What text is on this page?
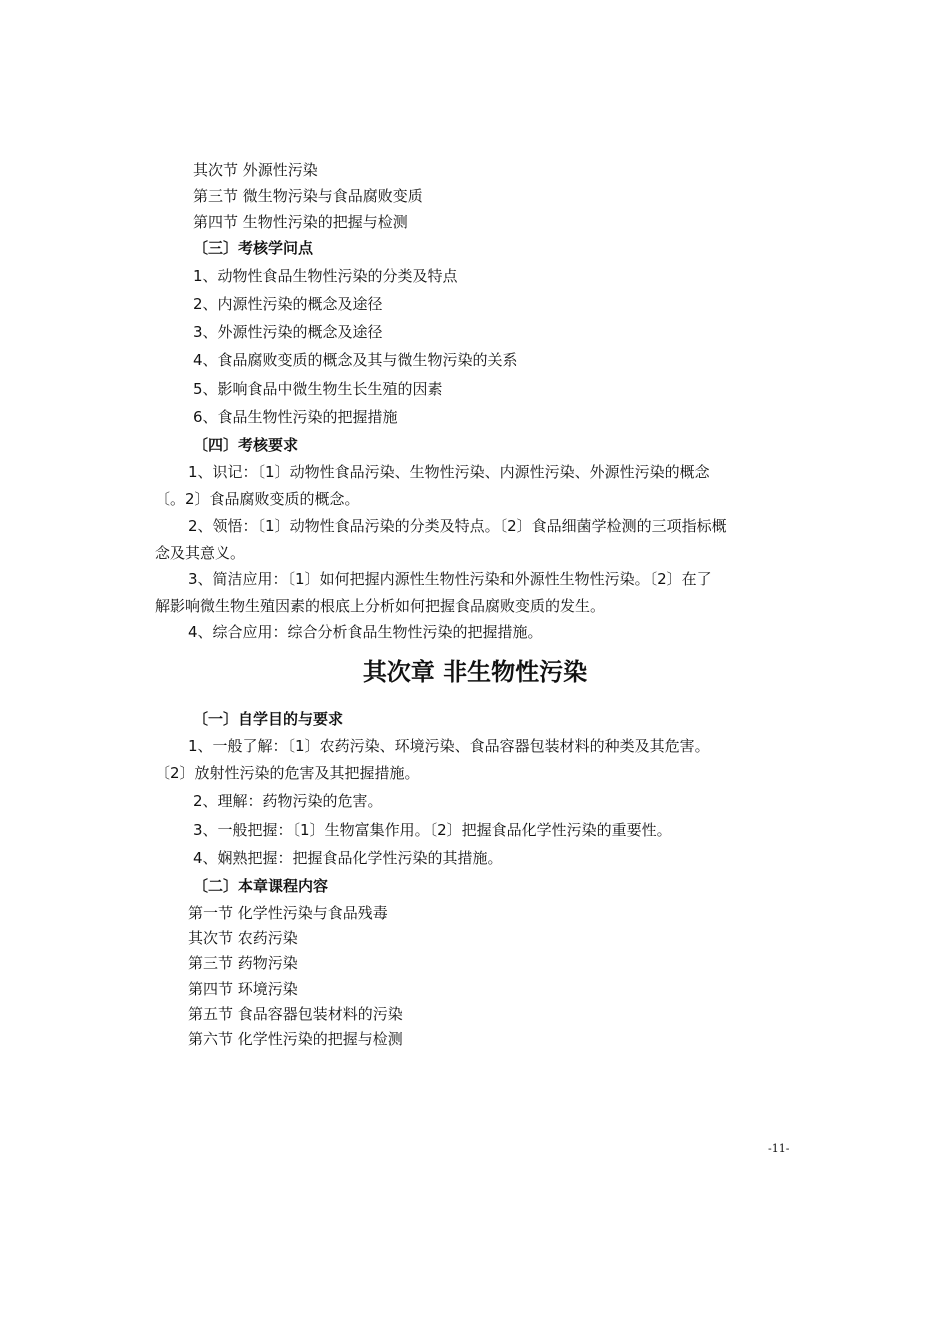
其次节 外源性污染
第三节 微生物污染与食品腐败变质
第四节 生物性污染的把握与检测
〔三〕考核学问点
1、动物性食品生物性污染的分类及特点
2、内源性污染的概念及途径
3、外源性污染的概念及途径
4、食品腐败变质的概念及其与微生物污染的关系
5、影响食品中微生物生长生殖的因素
6、食品生物性污染的把握措施
〔四〕考核要求
1、识记：〔1〕动物性食品污染、生物性污染、内源性污染、外源性污染的概念
〔。2〕食品腐败变质的概念。
2、领悟：〔1〕动物性食品污染的分类及特点。〔2〕食品细菌学检测的三项指标概
念及其意义。
3、简洁应用：〔1〕如何把握内源性生物性污染和外源性生物性污染。〔2〕在了
解影响微生物生殖因素的根底上分析如何把握食品腐败变质的发生。
4、综合应用：综合分析食品生物性污染的把握措施。
其次章 非生物性污染
〔一〕自学目的与要求
1、一般了解：〔1〕农药污染、环境污染、食品容器包装材料的种类及其危害。
〔2〕放射性污染的危害及其把握措施。
2、理解：药物污染的危害。
3、一般把握：〔1〕生物富集作用。〔2〕把握食品化学性污染的重要性。
4、娴熟把握：把握食品化学性污染的其措施。
〔二〕本章课程内容
第一节 化学性污染与食品残毒
其次节 农药污染
第三节 药物污染
第四节 环境污染
第五节 食品容器包装材料的污染
第六节 化学性污染的把握与检测
-11-
